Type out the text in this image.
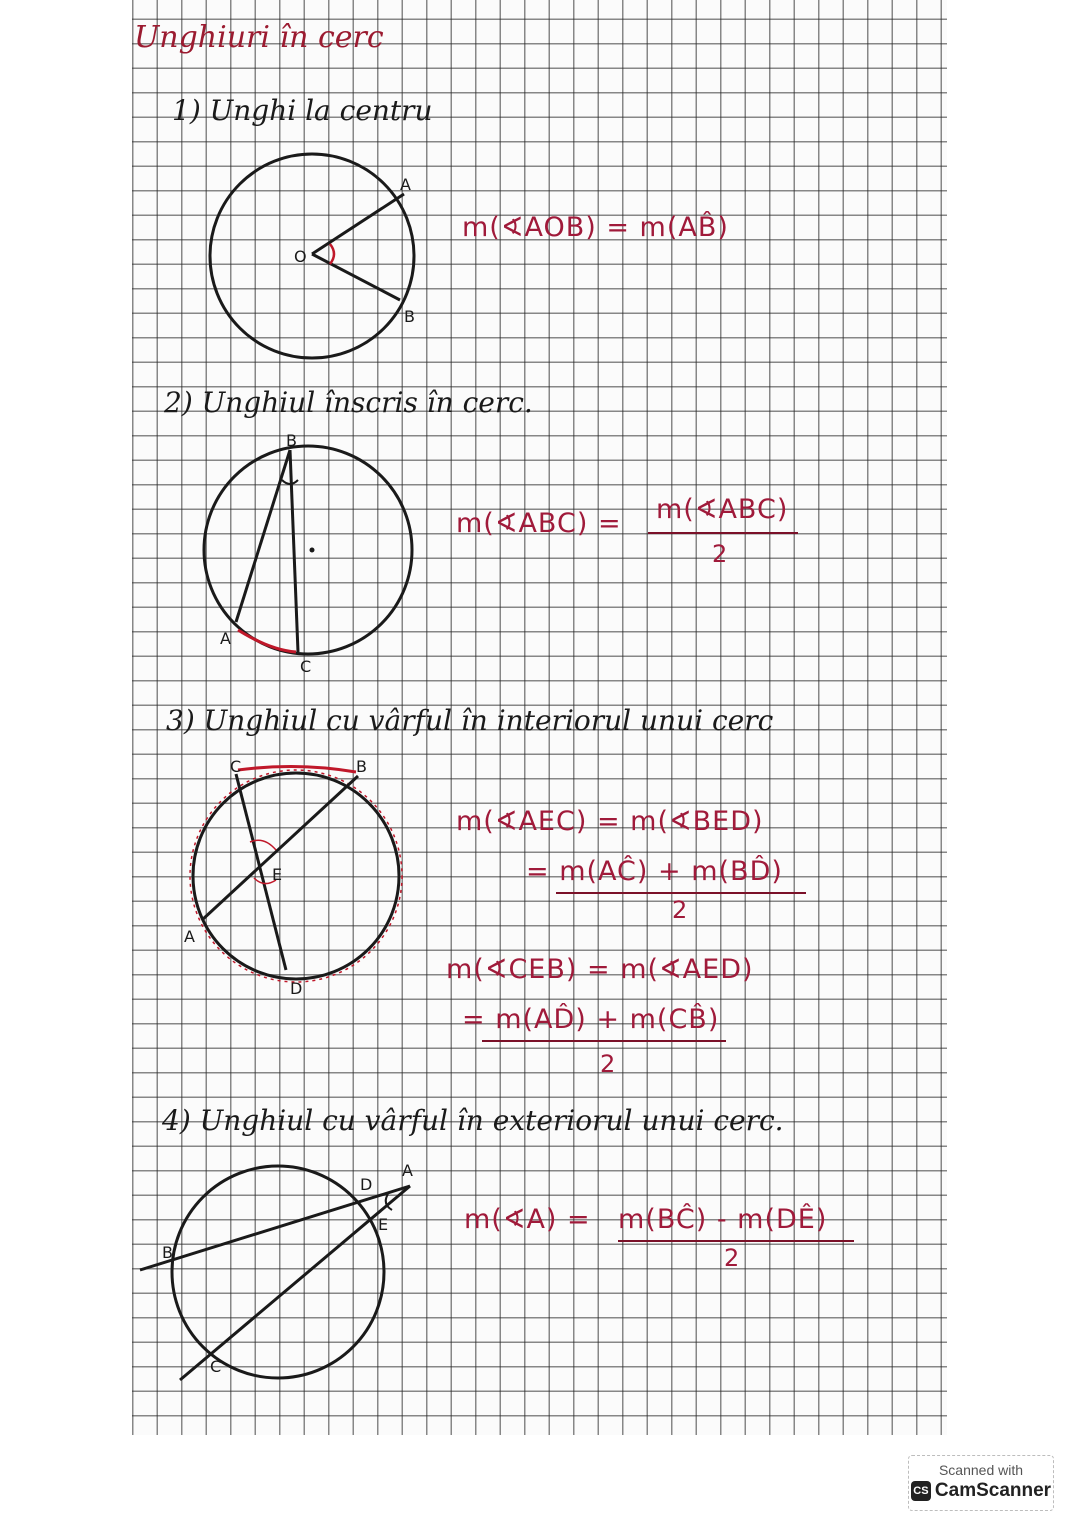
Unghiuri în cerc
1) Unghi la centru
O
A
B
m(∢AOB) = m(AB̂)
2) Unghiul înscris în cerc.
B
A
C
m(∢ABC) = m(∢ABC)
2
3) Unghiul cu vârful în interiorul unui cerc
C	B
E
A
D
m(∢AEC) = m(∢BED)
= m(AĈ) + m(BD̂)
2
m(∢CEB) = m(∢AED)
= m(AD̂) + m(CB̂)
2
4) Unghiul cu vârful în exteriorul unui cerc.
D
A
E
B
C
m(∢A) = m(BĈ) - m(DÊ)
2
Scanned with
CS CamScanner
